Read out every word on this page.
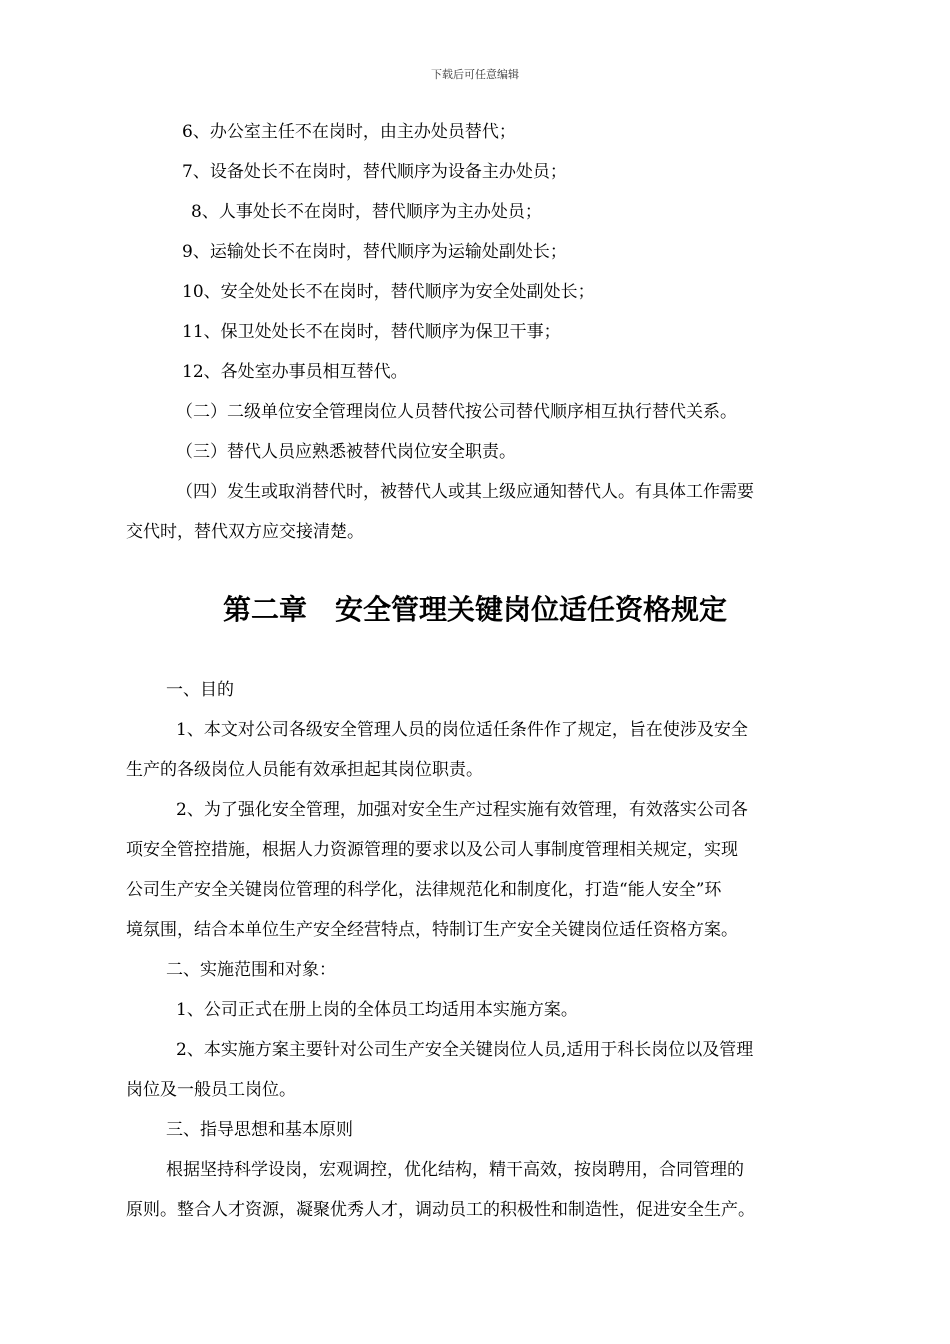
下载后可任意编辑
6、办公室主任不在岗时，由主办处员替代；
7、设备处长不在岗时，替代顺序为设备主办处员；
8、人事处长不在岗时，替代顺序为主办处员；
9、运输处长不在岗时，替代顺序为运输处副处长；
10、安全处处长不在岗时，替代顺序为安全处副处长；
11、保卫处处长不在岗时，替代顺序为保卫干事；
12、各处室办事员相互替代。
（二）二级单位安全管理岗位人员替代按公司替代顺序相互执行替代关系。
（三）替代人员应熟悉被替代岗位安全职责。
（四）发生或取消替代时，被替代人或其上级应通知替代人。有具体工作需要
交代时，替代双方应交接清楚。
第二章　安全管理关键岗位适任资格规定
一、目的
1、本文对公司各级安全管理人员的岗位适任条件作了规定，旨在使涉及安全
生产的各级岗位人员能有效承担起其岗位职责。
2、为了强化安全管理，加强对安全生产过程实施有效管理，有效落实公司各
项安全管控措施，根据人力资源管理的要求以及公司人事制度管理相关规定，实现
公司生产安全关键岗位管理的科学化，法律规范化和制度化，打造“能人安全”环
境氛围，结合本单位生产安全经营特点，特制订生产安全关键岗位适任资格方案。
二、实施范围和对象：
1、公司正式在册上岗的全体员工均适用本实施方案。
2、本实施方案主要针对公司生产安全关键岗位人员,适用于科长岗位以及管理
岗位及一般员工岗位。
三、指导思想和基本原则
根据坚持科学设岗，宏观调控，优化结构，精干高效，按岗聘用，合同管理的
原则。整合人才资源，凝聚优秀人才，调动员工的积极性和制造性，促进安全生产。
